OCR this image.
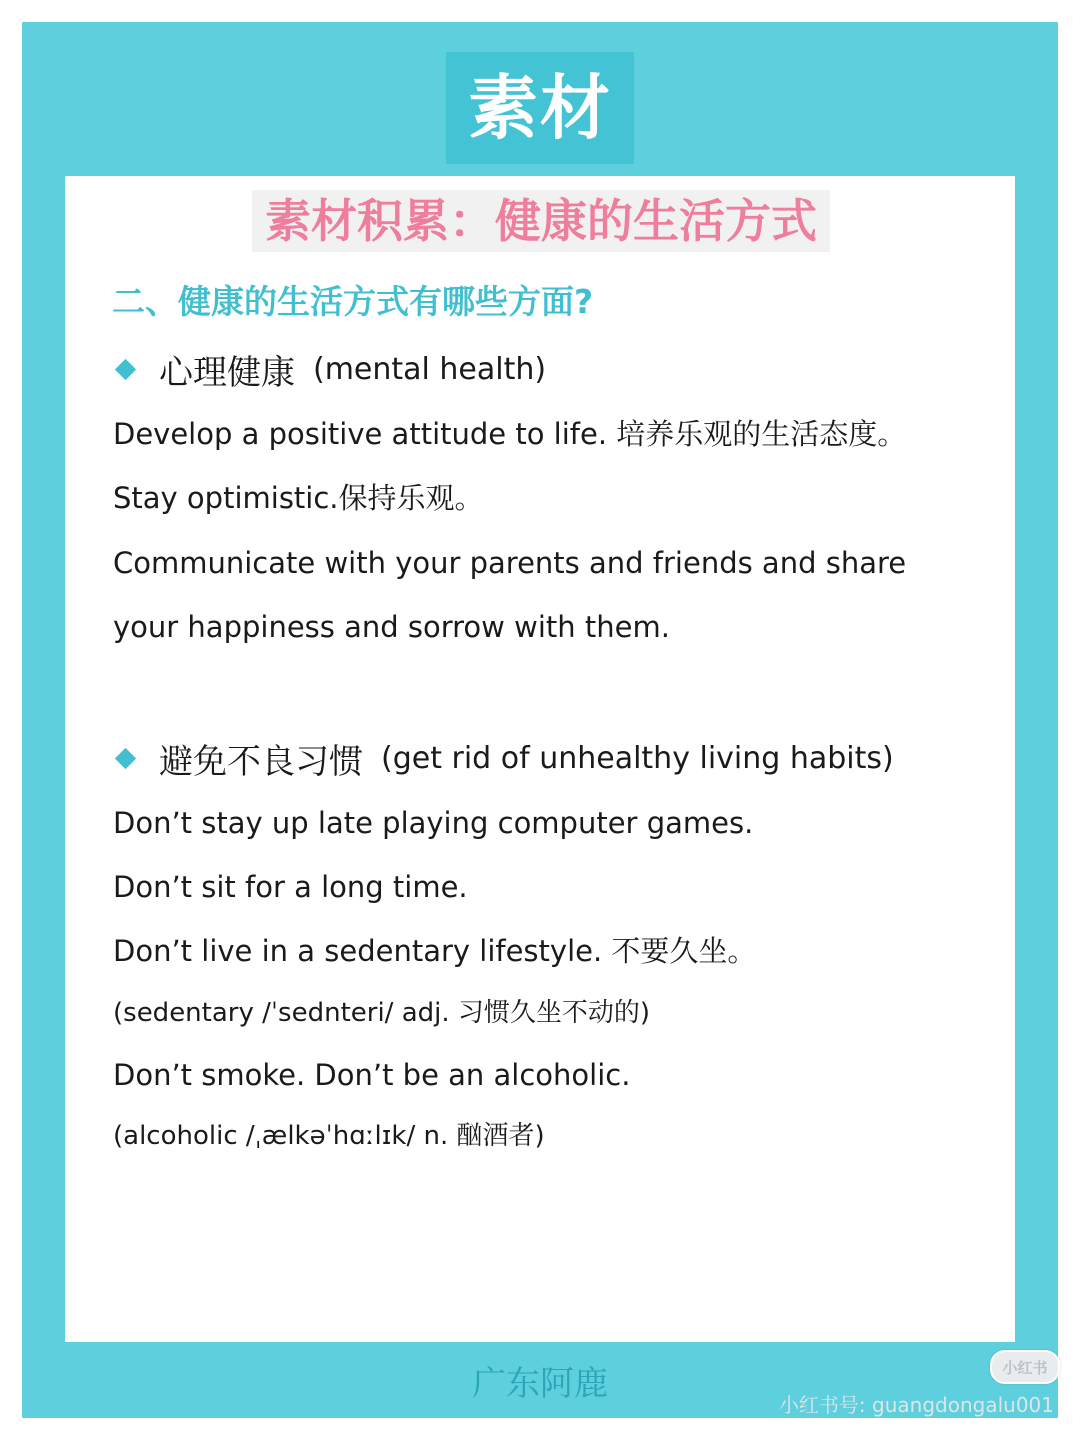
素材
素材积累：健康的生活方式
二、健康的生活方式有哪些方面?
心理健康 (mental health)
Develop a positive attitude to life. 培养乐观的生活态度。
Stay optimistic.保持乐观。
Communicate with your parents and friends and share
your happiness and sorrow with them.
避免不良习惯 (get rid of unhealthy living habits)
Don’t stay up late playing computer games.
Don’t sit for a long time.
Don’t live in a sedentary lifestyle. 不要久坐。
(sedentary /ˈsednteri/ adj. 习惯久坐不动的)
Don’t smoke. Don’t be an alcoholic.
(alcoholic /ˌælkəˈhɑːlɪk/ n. 酗酒者)
广东阿鹿	小红书
小红书号: guangdongalu001
